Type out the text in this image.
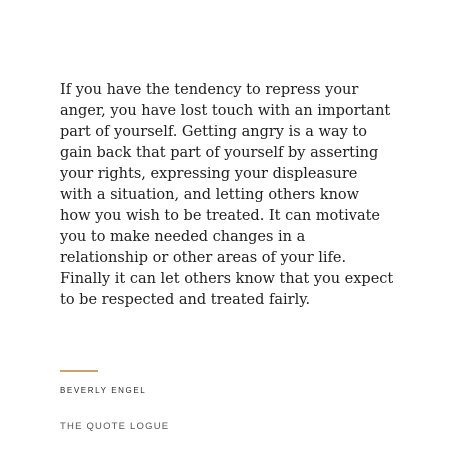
If you have the tendency to repress your
anger, you have lost touch with an important
part of yourself. Getting angry is a way to
gain back that part of yourself by asserting
your rights, expressing your displeasure
with a situation, and letting others know
how you wish to be treated. It can motivate
you to make needed changes in a
relationship or other areas of your life.
Finally it can let others know that you expect
to be respected and treated fairly.

BEVERLY ENGEL
THE QUOTE LOGUE
